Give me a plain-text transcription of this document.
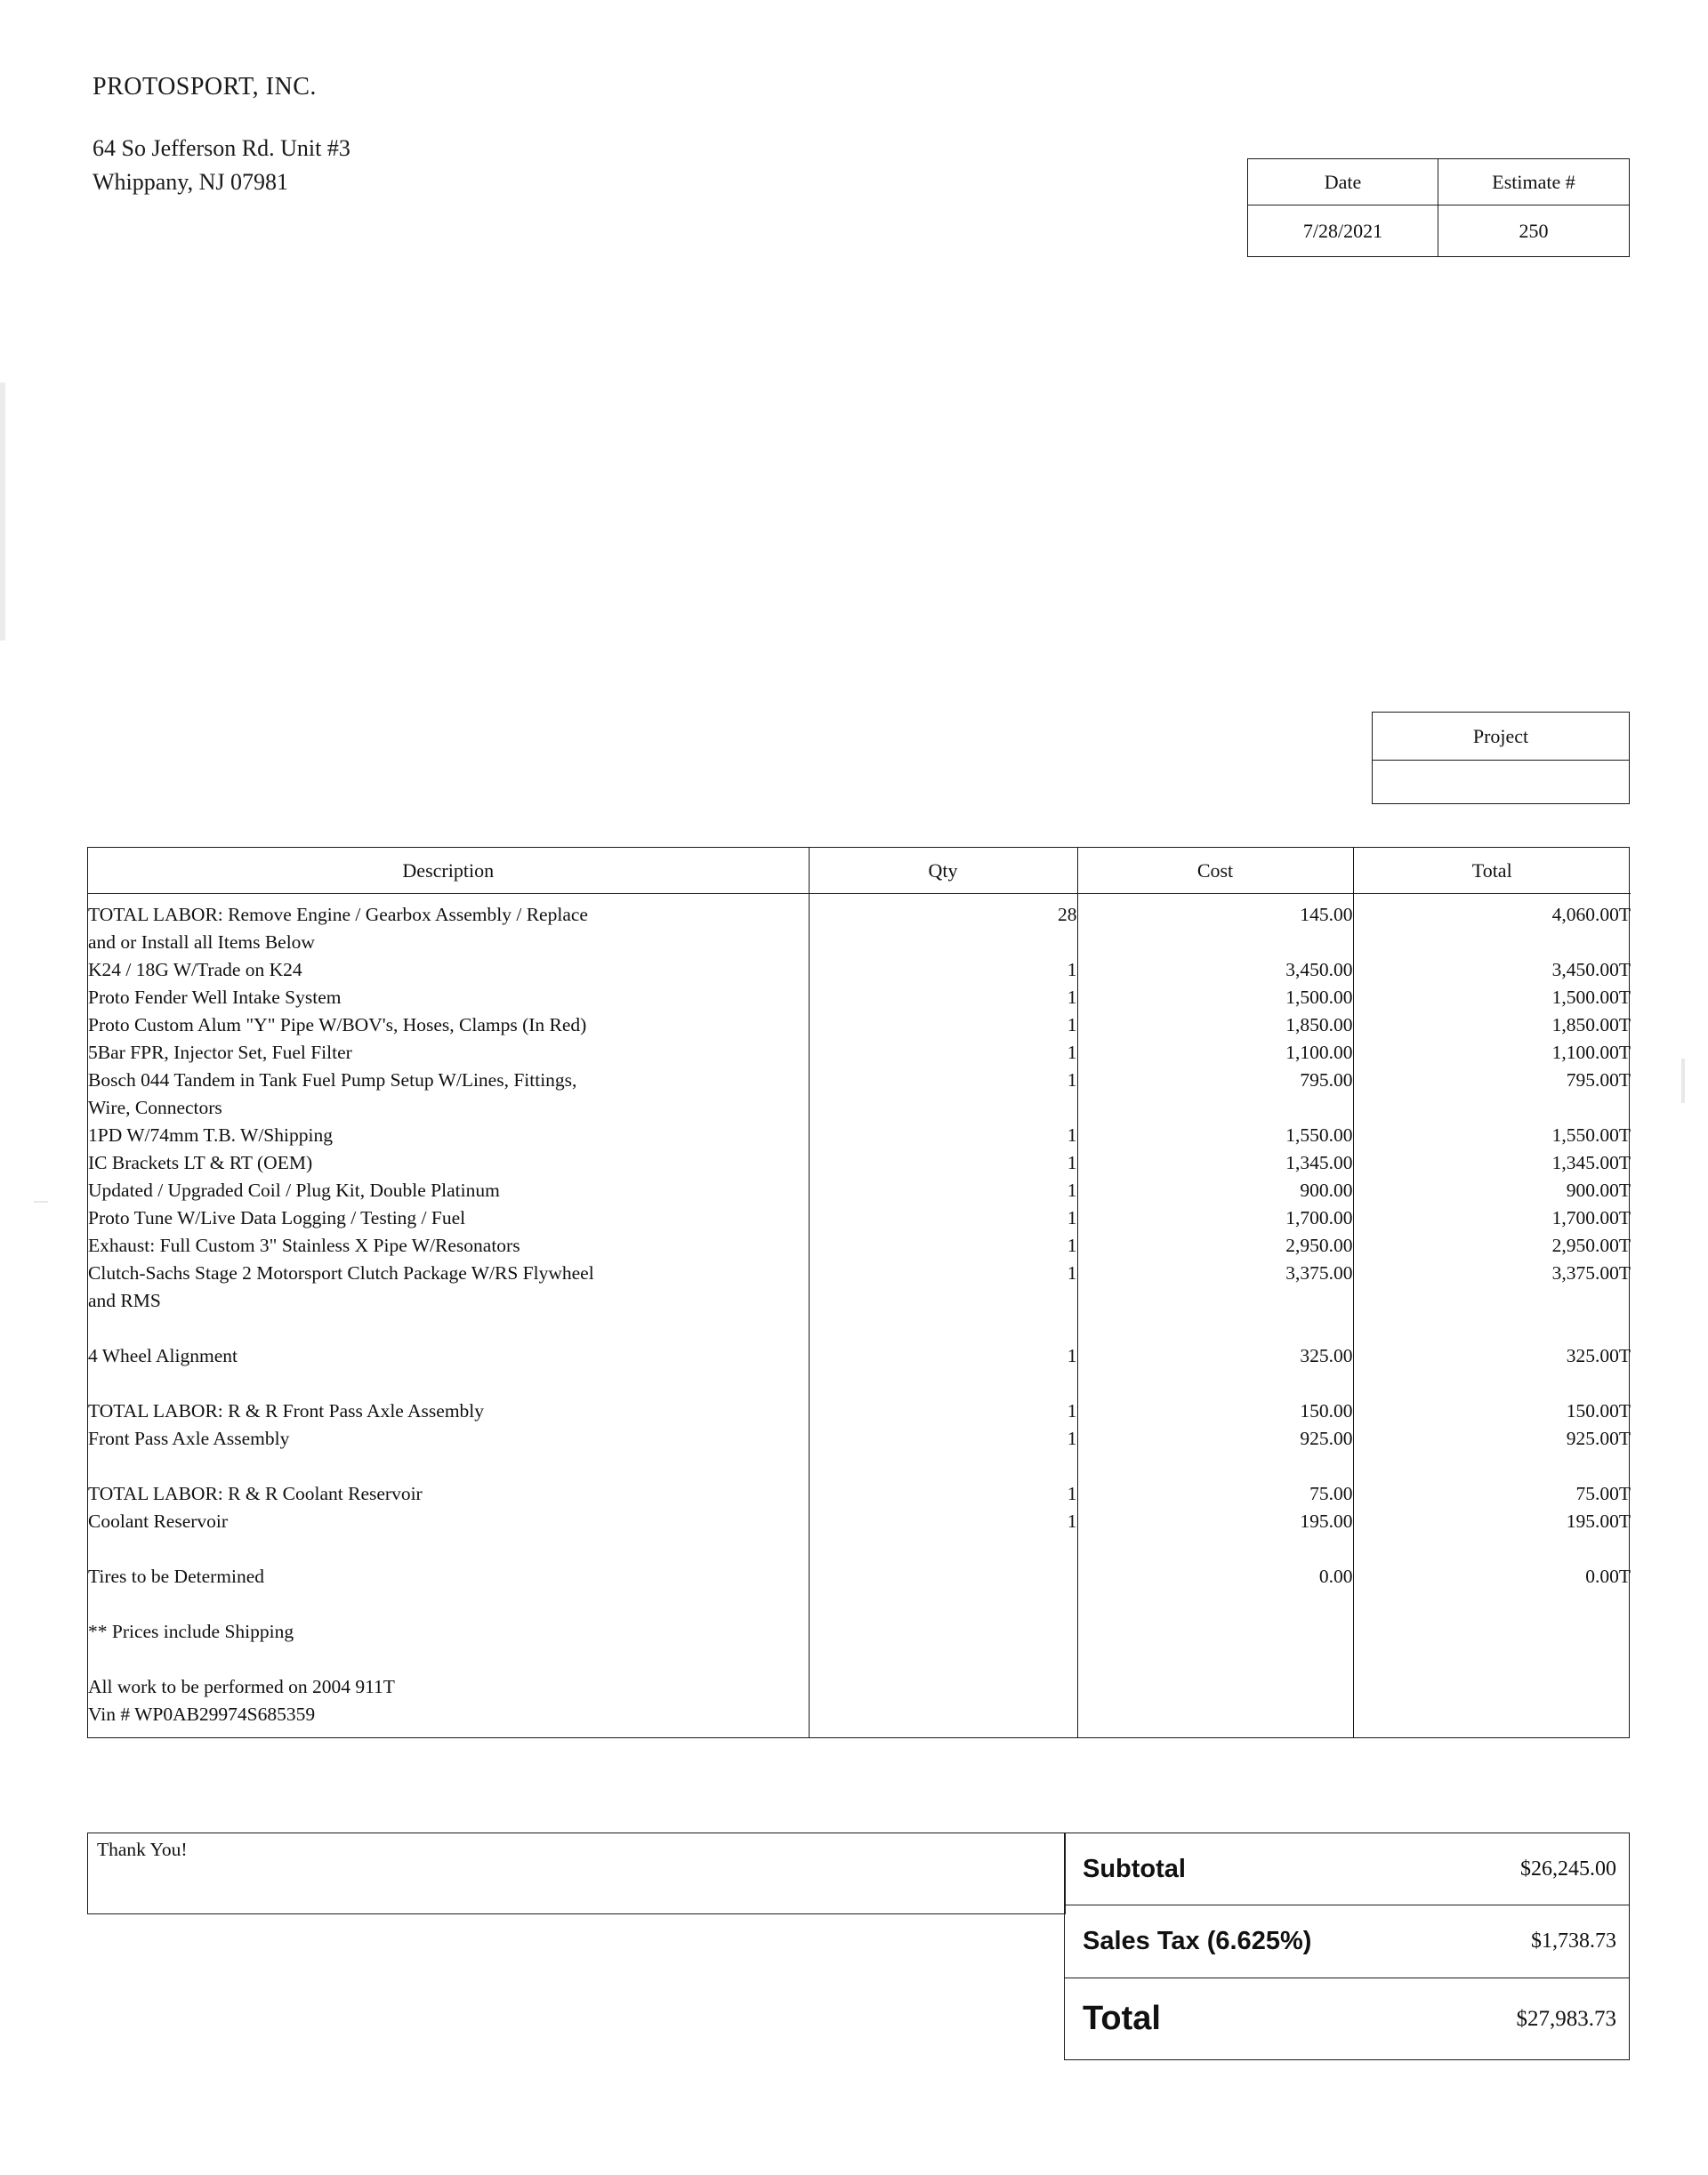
PROTOSPORT, INC.
64 So Jefferson Rd. Unit #3
Whippany, NJ 07981	Date	Estimate #
7/28/2021	250
Project
Description	Qty	Cost	Total

TOTAL LABOR: Remove Engine / Gearbox Assembly / Replace
and or Install all Items Below	28	145.00	4,060.00T

K24 / 18G W/Trade on K24	1	3,450.00	3,450.00T

Proto Fender Well Intake System	1	1,500.00	1,500.00T

Proto Custom Alum "Y" Pipe W/BOV's, Hoses, Clamps (In Red)	1	1,850.00	1,850.00T

5Bar FPR, Injector Set, Fuel Filter	1	1,100.00	1,100.00T

Bosch 044 Tandem in Tank Fuel Pump Setup W/Lines, Fittings,
Wire, Connectors	1	795.00	795.00T

1PD W/74mm T.B. W/Shipping	1	1,550.00	1,550.00T

IC Brackets LT & RT (OEM)	1	1,345.00	1,345.00T

Updated / Upgraded Coil / Plug Kit, Double Platinum	1	900.00	900.00T

Proto Tune W/Live Data Logging / Testing / Fuel	1	1,700.00	1,700.00T

Exhaust: Full Custom 3" Stainless X Pipe W/Resonators	1	2,950.00	2,950.00T

Clutch-Sachs Stage 2 Motorsport Clutch Package W/RS Flywheel
and RMS	1	3,375.00	3,375.00T

4 Wheel Alignment	1	325.00	325.00T

TOTAL LABOR: R & R Front Pass Axle Assembly	1	150.00	150.00T

Front Pass Axle Assembly	1	925.00	925.00T

TOTAL LABOR: R & R Coolant Reservoir	1	75.00	75.00T

Coolant Reservoir	1	195.00	195.00T

Tires to be Determined		0.00	0.00T

** Prices include Shipping			

All work to be performed on 2004 911T
Vin # WP0AB29974S685359			

Thank You!
Subtotal	$26,245.00
Sales Tax (6.625%)	$1,738.73
Total	$27,983.73
